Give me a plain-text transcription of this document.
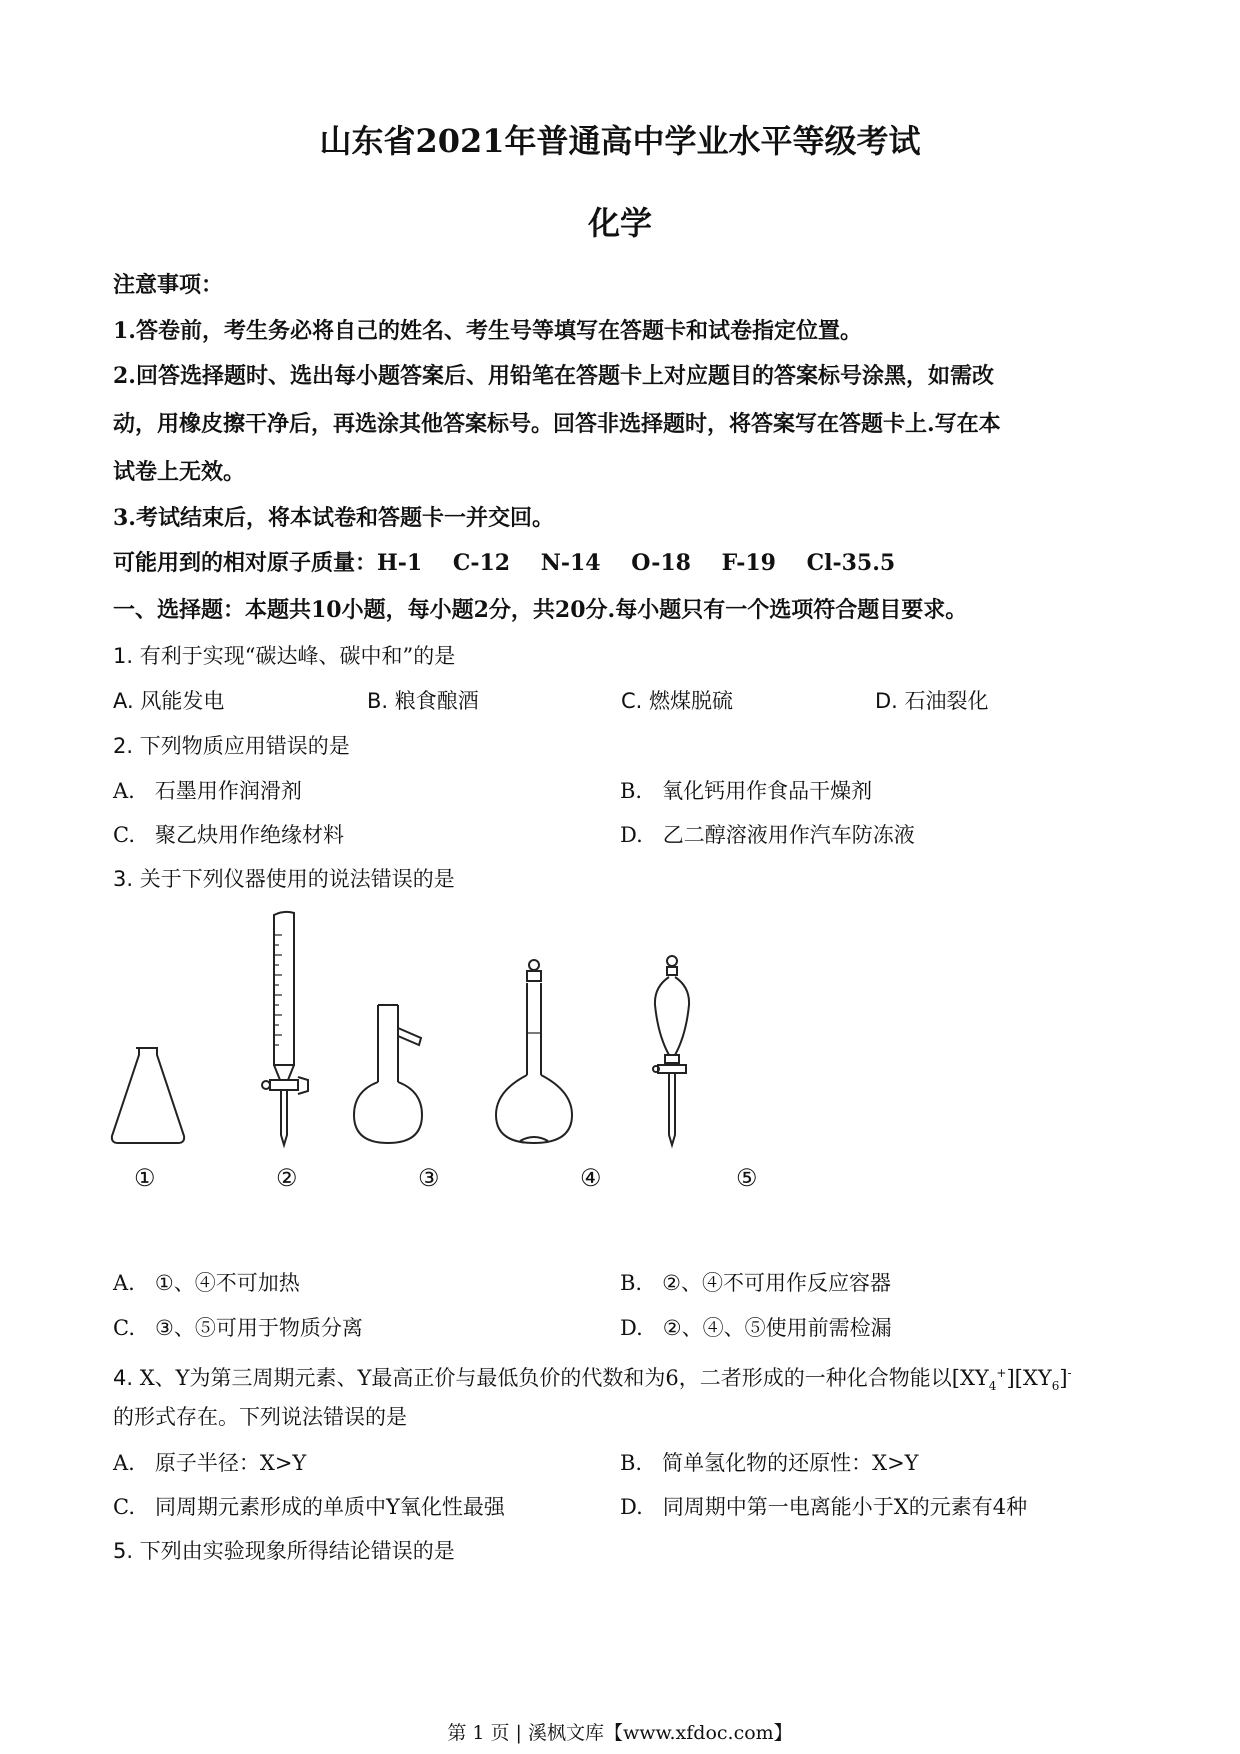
山东省2021年普通高中学业水平等级考试
化学
注意事项：
1.答卷前，考生务必将自己的姓名、考生号等填写在答题卡和试卷指定位置。
2.回答选择题时、选出每小题答案后、用铅笔在答题卡上对应题目的答案标号涂黑，如需改
动，用橡皮擦干净后，再选涂其他答案标号。回答非选择题时，将答案写在答题卡上.写在本
试卷上无效。
3.考试结束后，将本试卷和答题卡一并交回。
可能用到的相对原子质量：H-1    C-12    N-14    O-18    F-19    Cl-35.5
一、选择题：本题共10小题，每小题2分，共20分.每小题只有一个选项符合题目要求。
1. 有利于实现“碳达峰、碳中和”的是
A. 风能发电	B. 粮食酿酒	C. 燃煤脱硫	D. 石油裂化
2. 下列物质应用错误的是
A.   石墨用作润滑剂	B.   氧化钙用作食品干燥剂
C.   聚乙炔用作绝缘材料	D.   乙二醇溶液用作汽车防冻液
3. 关于下列仪器使用的说法错误的是
①	②	③	④	⑤
A.   ①、④不可加热	B.   ②、④不可用作反应容器
C.   ③、⑤可用于物质分离	D.   ②、④、⑤使用前需检漏
4. X、Y为第三周期元素、Y最高正价与最低负价的代数和为6，二者形成的一种化合物能以$[XY_4^+][XY_6]^-$
的形式存在。下列说法错误的是
A.   原子半径：X>Y	B.   简单氢化物的还原性：X>Y
C.   同周期元素形成的单质中Y氧化性最强	D.   同周期中第一电离能小于X的元素有4种
5. 下列由实验现象所得结论错误的是
第 1 页 | 溪枫文库【www.xfdoc.com】
